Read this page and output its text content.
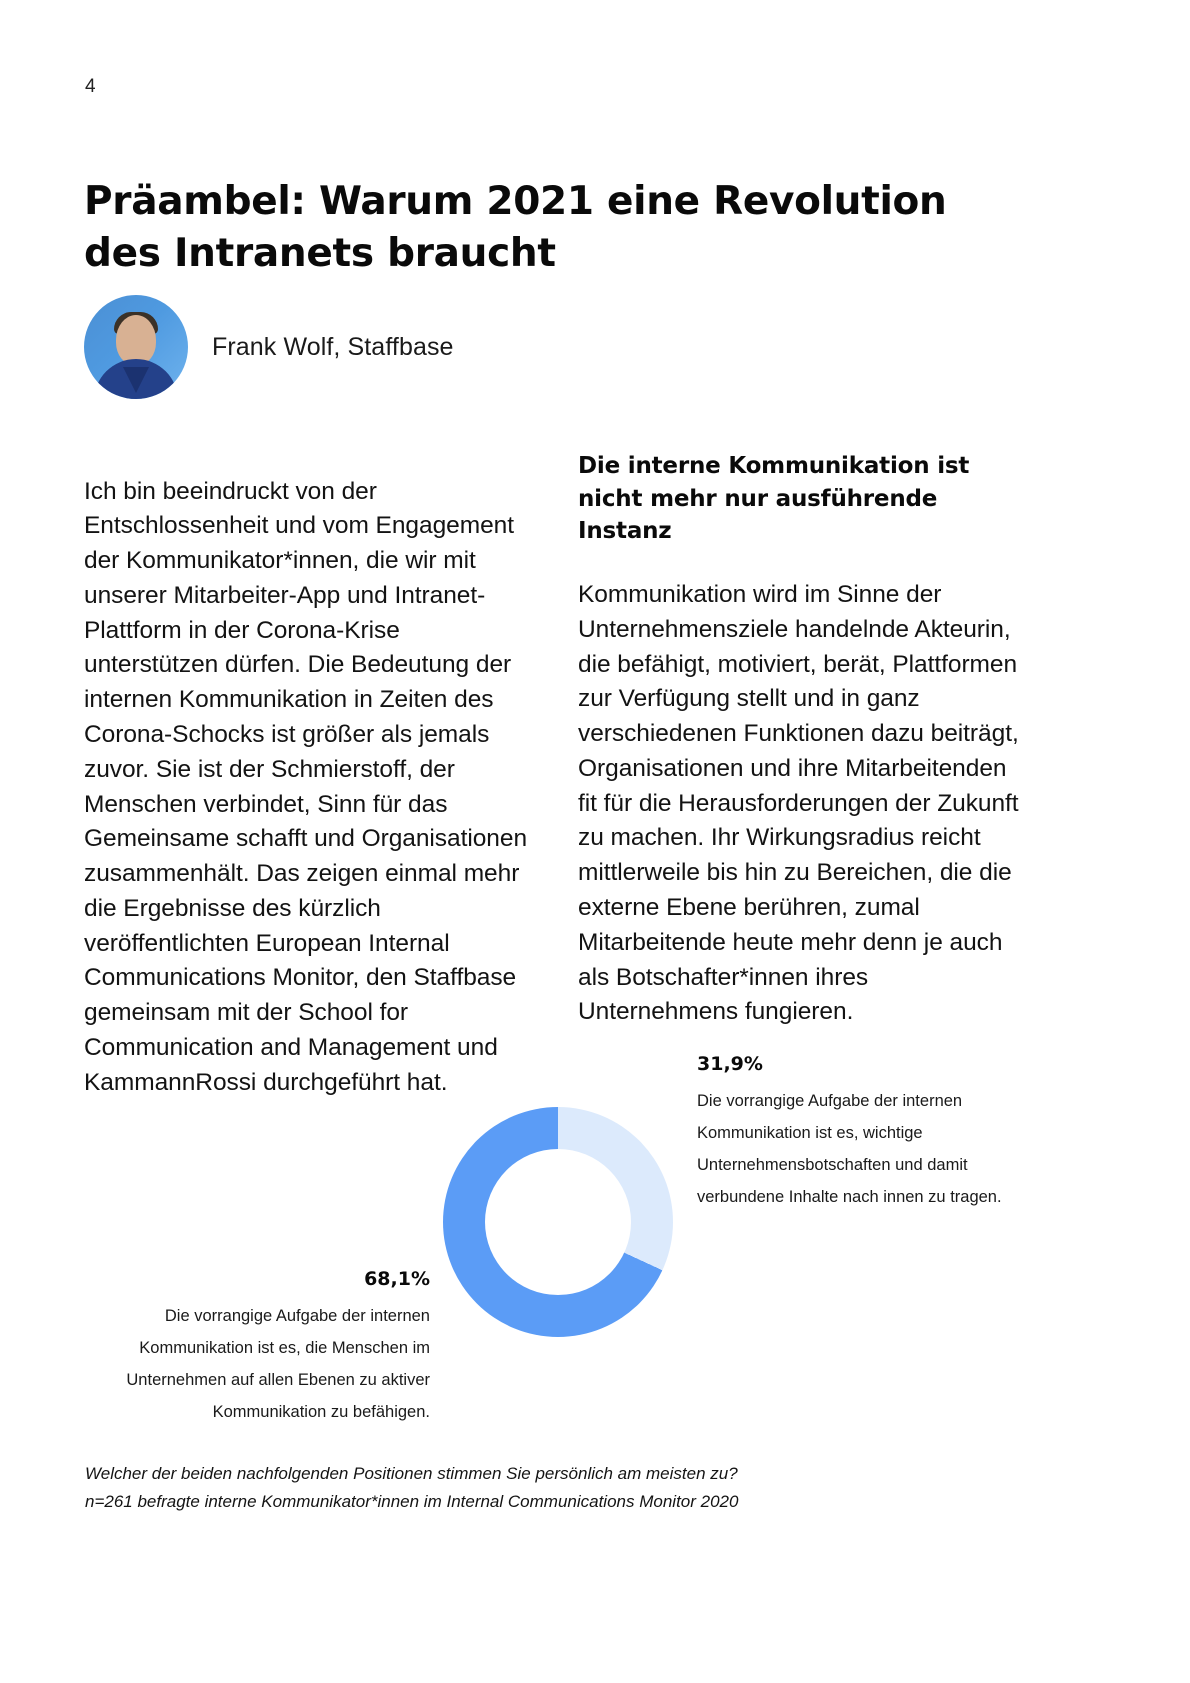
4
Präambel: Warum 2021 eine Revolution
des Intranets braucht
Frank Wolf, Staffbase

Ich bin beeindruckt von der Entschlossenheit und vom Engagement der Kommunikator*innen, die wir mit unserer Mitarbeiter-App und Intranet-Plattform in der Corona-Krise unterstützen dürfen. Die Bedeutung der internen Kommunikation in Zeiten des Corona-Schocks ist größer als jemals zuvor. Sie ist der Schmierstoff, der Menschen verbindet, Sinn für das Gemeinsame schafft und Organisationen zusammenhält. Das zeigen einmal mehr die Ergebnisse des kürzlich veröffentlichten European Internal Communications Monitor, den Staffbase gemeinsam mit der School for Communication and Management und KammannRossi durchgeführt hat.

Die interne Kommunikation ist nicht mehr nur ausführende Instanz

Kommunikation wird im Sinne der Unternehmensziele handelnde Akteurin, die befähigt, motiviert, berät, Plattformen zur Verfügung stellt und in ganz verschiedenen Funktionen dazu beiträgt, Organisationen und ihre Mitarbeitenden fit für die Herausforderungen der Zukunft zu machen. Ihr Wirkungsradius reicht mittlerweile bis hin zu Bereichen, die die externe Ebene berühren, zumal Mitarbeitende heute mehr denn je auch als Botschafter*innen ihres Unternehmens fungieren.

31,9%
Die vorrangige Aufgabe der internen Kommunikation ist es, wichtige Unternehmensbotschaften und damit verbundene Inhalte nach innen zu tragen.
68,1%
Die vorrangige Aufgabe der internen Kommunikation ist es, die Menschen im Unternehmen auf allen Ebenen zu aktiver Kommunikation zu befähigen.
Welcher der beiden nachfolgenden Positionen stimmen Sie persönlich am meisten zu?
n=261 befragte interne Kommunikator*innen im Internal Communications Monitor 2020
